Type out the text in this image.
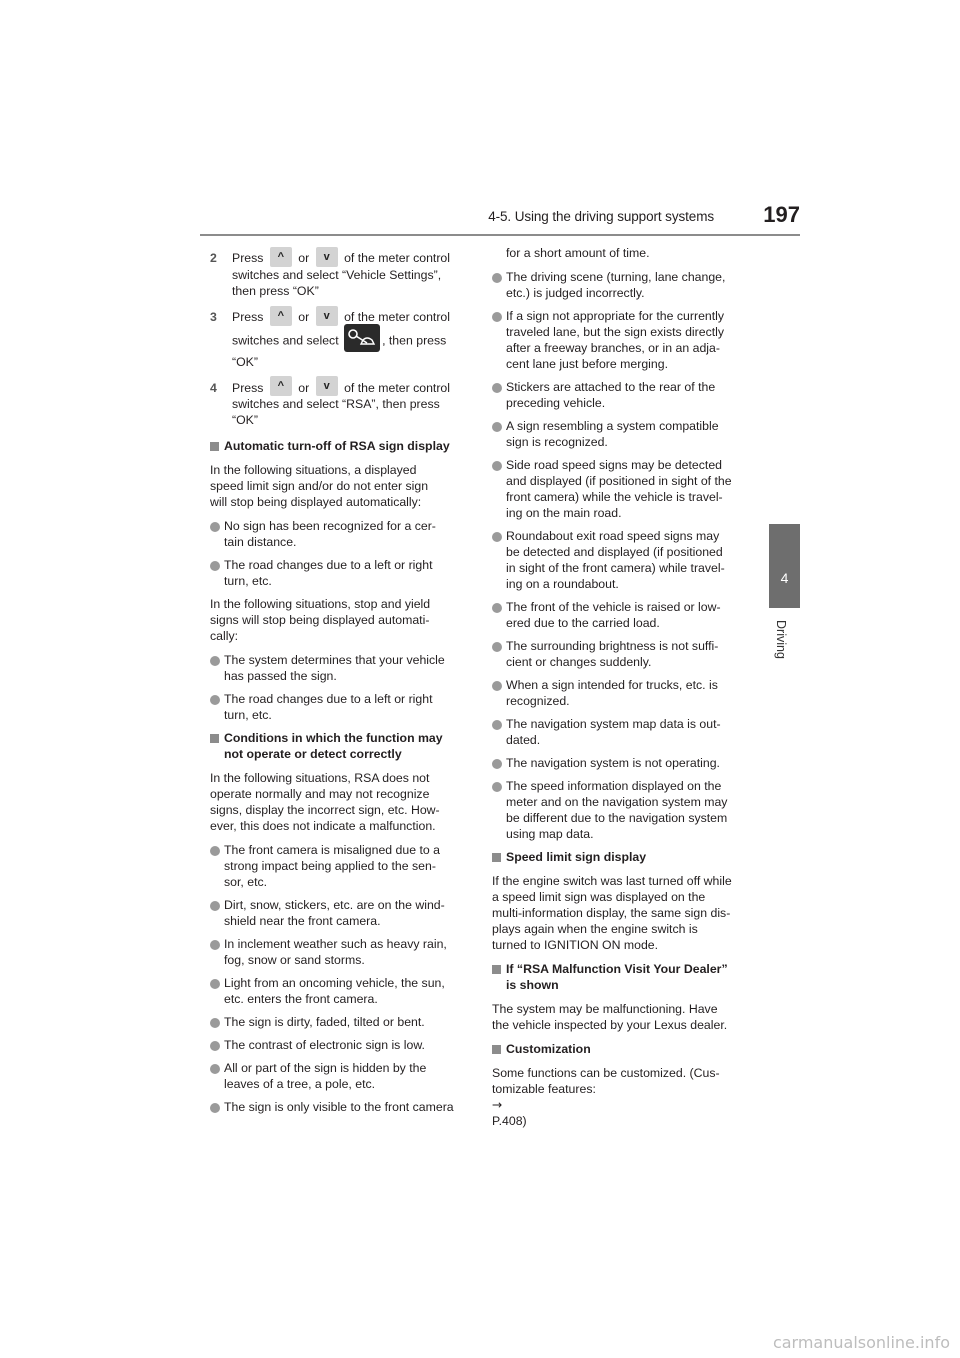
4-5. Using the driving support systems 197
4
Driving
2 Press ^ or v of the meter control
switches and select “Vehicle Settings”,
then press “OK”
3 Press ^ or v of the meter control
switches and select	, then press
“OK”
4 Press ^ or v of the meter control
switches and select “RSA”, then press
“OK”
Automatic turn-off of RSA sign display
In the following situations, a displayed
speed limit sign and/or do not enter sign
will stop being displayed automatically:
No sign has been recognized for a cer-
tain distance.
The road changes due to a left or right
turn, etc.
In the following situations, stop and yield
signs will stop being displayed automati-
cally:
The system determines that your vehicle
has passed the sign.
The road changes due to a left or right
turn, etc.
Conditions in which the function may
not operate or detect correctly
In the following situations, RSA does not
operate normally and may not recognize
signs, display the incorrect sign, etc. How-
ever, this does not indicate a malfunction.
The front camera is misaligned due to a
strong impact being applied to the sen-
sor, etc.
Dirt, snow, stickers, etc. are on the wind-
shield near the front camera.
In inclement weather such as heavy rain,
fog, snow or sand storms.
Light from an oncoming vehicle, the sun,
etc. enters the front camera.
The sign is dirty, faded, tilted or bent.
The contrast of electronic sign is low.
All or part of the sign is hidden by the
leaves of a tree, a pole, etc.
The sign is only visible to the front camera
for a short amount of time.
The driving scene (turning, lane change,
etc.) is judged incorrectly.
If a sign not appropriate for the currently
traveled lane, but the sign exists directly
after a freeway branches, or in an adja-
cent lane just before merging.
Stickers are attached to the rear of the
preceding vehicle.
A sign resembling a system compatible
sign is recognized.
Side road speed signs may be detected
and displayed (if positioned in sight of the
front camera) while the vehicle is travel-
ing on the main road.
Roundabout exit road speed signs may
be detected and displayed (if positioned
in sight of the front camera) while travel-
ing on a roundabout.
The front of the vehicle is raised or low-
ered due to the carried load.
The surrounding brightness is not suffi-
cient or changes suddenly.
When a sign intended for trucks, etc. is
recognized.
The navigation system map data is out-
dated.
The navigation system is not operating.
The speed information displayed on the
meter and on the navigation system may
be different due to the navigation system
using map data.
Speed limit sign display
If the engine switch was last turned off while
a speed limit sign was displayed on the
multi-information display, the same sign dis-
plays again when the engine switch is
turned to IGNITION ON mode.
If “RSA Malfunction Visit Your Dealer”
is shown
The system may be malfunctioning. Have
the vehicle inspected by your Lexus dealer.
Customization
Some functions can be customized. (Cus-
tomizable features:
→
P.408)
carmanualsonline.info
